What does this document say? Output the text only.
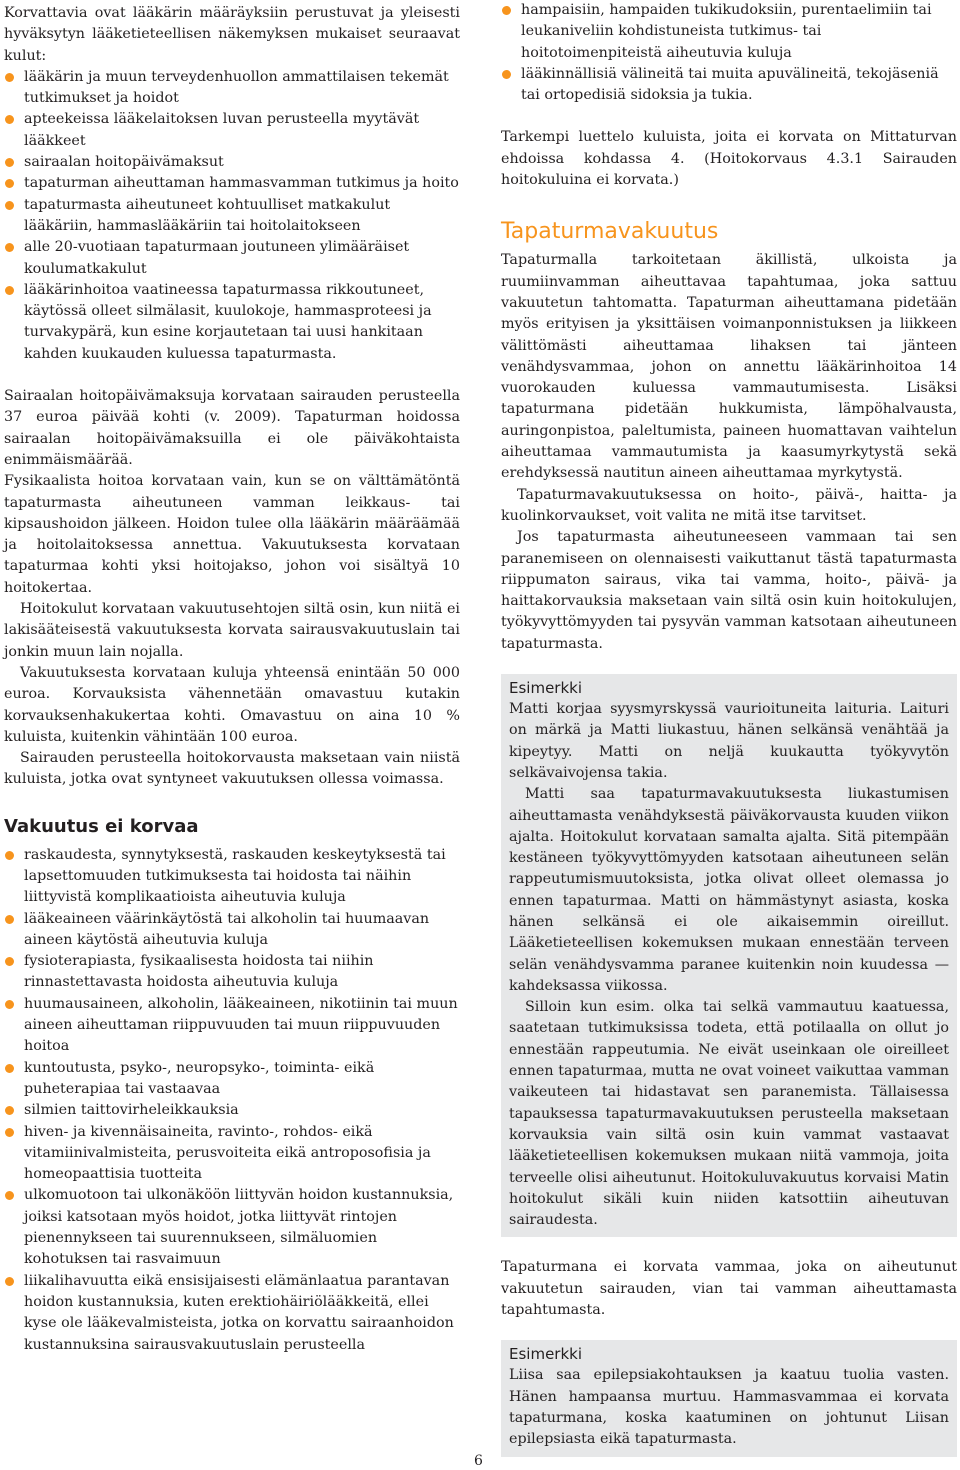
Korvattavia ovat lääkärin määräyksiin perustuvat ja yleisesti hyväksytyn lääketieteellisen näkemyksen mukaiset seuraavat kulut:

lääkärin ja muun terveydenhuollon ammattilaisen tekemät tutkimukset ja hoidot
apteekeissa lääkelaitoksen luvan perusteella myytävät lääkkeet
sairaalan hoitopäivämaksut
tapaturman aiheuttaman hammasvamman tutkimus ja hoito
tapaturmasta aiheutuneet kohtuulliset matkakulut lääkäriin, hammaslääkäriin tai hoitolaitokseen
alle 20-vuotiaan tapaturmaan joutuneen ylimääräiset koulumatkakulut
lääkärinhoitoa vaatineessa tapaturmassa rikkoutuneet, käytössä olleet silmälasit, kuulokoje, hammasproteesi ja turvakypärä, kun esine korjautetaan tai uusi hankitaan kahden kuukauden kuluessa tapaturmasta.

Sairaalan hoitopäivämaksuja korvataan sairauden perusteella 37 euroa päivää kohti (v. 2009). Tapaturman hoidossa sairaalan hoitopäivämaksuilla ei ole päiväkohtaista enimmäismäärää.

Fysikaalista hoitoa korvataan vain, kun se on välttämätöntä tapaturmasta aiheutuneen vamman leikkaus- tai kipsaushoidon jälkeen. Hoidon tulee olla lääkärin määräämää ja hoitolaitoksessa annettua. Vakuutuksesta korvataan tapaturmaa kohti yksi hoitojakso, johon voi sisältyä 10 hoitokertaa.

Hoitokulut korvataan vakuutusehtojen siltä osin, kun niitä ei lakisääteisestä vakuutuksesta korvata sairausvakuutuslain tai jonkin muun lain nojalla.

Vakuutuksesta korvataan kuluja yhteensä enintään 50 000 euroa. Korvauksista vähennetään omavastuu kutakin korvauksenhakukertaa kohti. Omavastuu on aina 10 % kuluista, kuitenkin vähintään 100 euroa.

Sairauden perusteella hoitokorvausta maksetaan vain niistä kuluista, jotka ovat syntyneet vakuutuksen ollessa voimassa.

Vakuutus ei korvaa
raskaudesta, synnytyksestä, raskauden keskeytyksestä tai lapsettomuuden tutkimuksesta tai hoidosta tai näihin liittyvistä komplikaatioista aiheutuvia kuluja
lääkeaineen väärinkäytöstä tai alkoholin tai huumaavan aineen käytöstä aiheutuvia kuluja
fysioterapiasta, fysikaalisesta hoidosta tai niihin rinnastettavasta hoidosta aiheutuvia kuluja
huumausaineen, alkoholin, lääkeaineen, nikotiinin tai muun aineen aiheuttaman riippuvuuden tai muun riippuvuuden hoitoa
kuntoutusta, psyko-, neuropsyko-, toiminta- eikä puheterapiaa tai vastaavaa
silmien taittovirheleikkauksia
hiven- ja kivennäisaineita, ravinto-, rohdos- eikä vitamiinivalmisteita, perusvoiteita eikä antroposofisia ja homeopaattisia tuotteita
ulkomuotoon tai ulkonäköön liittyvän hoidon kustannuksia, joiksi katsotaan myös hoidot, jotka liittyvät rintojen pienennykseen tai suurennukseen, silmäluomien kohotuksen tai rasvaimuun
liikalihavuutta eikä ensisijaisesti elämänlaatua parantavan hoidon kustannuksia, kuten erektiohäiriölääkkeitä, ellei kyse ole lääkevalmisteista, jotka on korvattu sairaanhoidon kustannuksina sairausvakuutuslain perusteella
hampaisiin, hampaiden tukikudoksiin, purentaelimiin tai leukaniveliin kohdistuneista tutkimus- tai hoitotoimenpiteistä aiheutuvia kuluja
lääkinnällisiä välineitä tai muita apuvälineitä, tekojäseniä tai ortopedisiä sidoksia ja tukia.

Tarkempi luettelo kuluista, joita ei korvata on Mittaturvan ehdoissa kohdassa 4. (Hoitokorvaus 4.3.1 Sairauden hoitokuluina ei korvata.)

Tapaturmavakuutus

Tapaturmalla tarkoitetaan äkillistä, ulkoista ja ruumiinvamman aiheuttavaa tapahtumaa, joka sattuu vakuutetun tahtomatta. Tapaturman aiheuttamana pidetään myös erityisen ja yksittäisen voimanponnistuksen ja liikkeen välittömästi aiheuttamaa lihaksen tai jänteen venähdysvammaa, johon on annettu lääkärinhoitoa 14 vuorokauden kuluessa vammautumisesta. Lisäksi tapaturmana pidetään hukkumista, lämpöhalvausta, auringonpistoa, paleltumista, paineen huomattavan vaihtelun aiheuttamaa vammautumista ja kaasumyrkytystä sekä erehdyksessä nautitun aineen aiheuttamaa myrkytystä.

Tapaturmavakuutuksessa on hoito-, päivä-, haitta- ja kuolinkorvaukset, voit valita ne mitä itse tarvitset.

Jos tapaturmasta aiheutuneeseen vammaan tai sen paranemiseen on olennaisesti vaikuttanut tästä tapaturmasta riippumaton sairaus, vika tai vamma, hoito-, päivä- ja haittakorvauksia maksetaan vain siltä osin kuin hoitokulujen, työkyvyttömyyden tai pysyvän vamman katsotaan aiheutuneen tapaturmasta.

Esimerkki

Matti korjaa syysmyrskyssä vaurioituneita laituria. Laituri on märkä ja Matti liukastuu, hänen selkänsä venähtää ja kipeytyy. Matti on neljä kuukautta työkyvytön selkävaivojensa takia.

Matti saa tapaturmavakuutuksesta liukastumisen aiheuttamasta venähdyksestä päiväkorvausta kuuden viikon ajalta. Hoitokulut korvataan samalta ajalta. Sitä pitempään kestäneen työkyvyttömyyden katsotaan aiheutuneen selän rappeutumismuutoksista, jotka olivat olleet olemassa jo ennen tapaturmaa. Matti on hämmästynyt asiasta, koska hänen selkänsä ei ole aikaisemmin oireillut. Lääketieteellisen kokemuksen mukaan ennestään terveen selän venähdysvamma paranee kuitenkin noin kuudessa — kahdeksassa viikossa.

Silloin kun esim. olka tai selkä vammautuu kaatuessa, saatetaan tutkimuksissa todeta, että potilaalla on ollut jo ennestään rappeutumia. Ne eivät useinkaan ole oireilleet ennen tapaturmaa, mutta ne ovat voineet vaikuttaa vamman vaikeuteen tai hidastavat sen paranemista. Tällaisessa tapauksessa tapaturmavakuutuksen perusteella maksetaan korvauksia vain siltä osin kuin vammat vastaavat lääketieteellisen kokemuksen mukaan niitä vammoja, joita terveelle olisi aiheutunut. Hoitokuluvakuutus korvaisi Matin hoitokulut sikäli kuin niiden katsottiin aiheutuvan sairaudesta.

Tapaturmana ei korvata vammaa, joka on aiheutunut vakuutetun sairauden, vian tai vamman aiheuttamasta tapahtumasta.

Esimerkki

Liisa saa epilepsiakohtauksen ja kaatuu tuolia vasten. Hänen hampaansa murtuu. Hammasvammaa ei korvata tapaturmana, koska kaatuminen on johtunut Liisan epilepsiasta eikä tapaturmasta.

6
